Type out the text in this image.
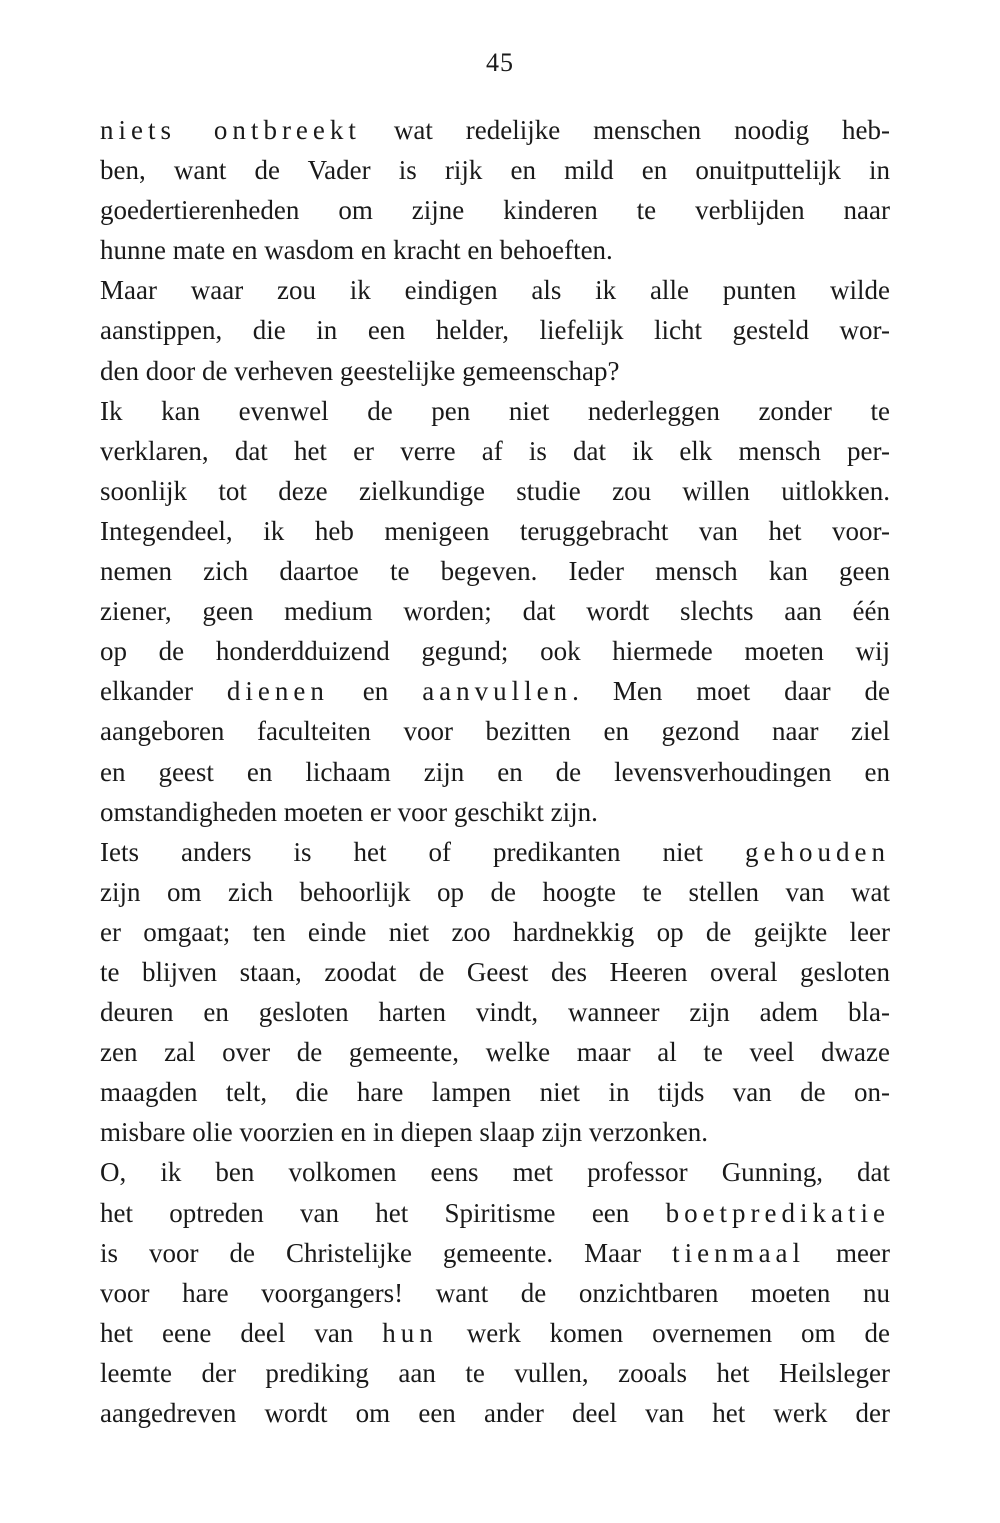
45
niets ontbreekt wat redelijke menschen noodig heb-
ben, want de Vader is rijk en mild en onuitputtelijk in
goedertierenheden om zijne kinderen te verblijden naar
hunne mate en wasdom en kracht en behoeften.
Maar waar zou ik eindigen als ik alle punten wilde
aanstippen, die in een helder, liefelijk licht gesteld wor-
den door de verheven geestelijke gemeenschap?
Ik kan evenwel de pen niet nederleggen zonder te
verklaren, dat het er verre af is dat ik elk mensch per-
soonlijk tot deze zielkundige studie zou willen uitlokken.
Integendeel, ik heb menigeen teruggebracht van het voor-
nemen zich daartoe te begeven. Ieder mensch kan geen
ziener, geen medium worden; dat wordt slechts aan één
op de honderdduizend gegund; ook hiermede moeten wij
elkander dienen en aanvullen. Men moet daar de
aangeboren faculteiten voor bezitten en gezond naar ziel
en geest en lichaam zijn en de levensverhoudingen en
omstandigheden moeten er voor geschikt zijn.
Iets anders is het of predikanten niet gehouden
zijn om zich behoorlijk op de hoogte te stellen van wat
er omgaat; ten einde niet zoo hardnekkig op de geijkte leer
te blijven staan, zoodat de Geest des Heeren overal gesloten
deuren en gesloten harten vindt, wanneer zijn adem bla-
zen zal over de gemeente, welke maar al te veel dwaze
maagden telt, die hare lampen niet in tijds van de on-
misbare olie voorzien en in diepen slaap zijn verzonken.
O, ik ben volkomen eens met professor Gunning, dat
het optreden van het Spiritisme een boetpredikatie
is voor de Christelijke gemeente. Maar tienmaal meer
voor hare voorgangers! want de onzichtbaren moeten nu
het eene deel van hun werk komen overnemen om de
leemte der prediking aan te vullen, zooals het Heilsleger
aangedreven wordt om een ander deel van het werk der
